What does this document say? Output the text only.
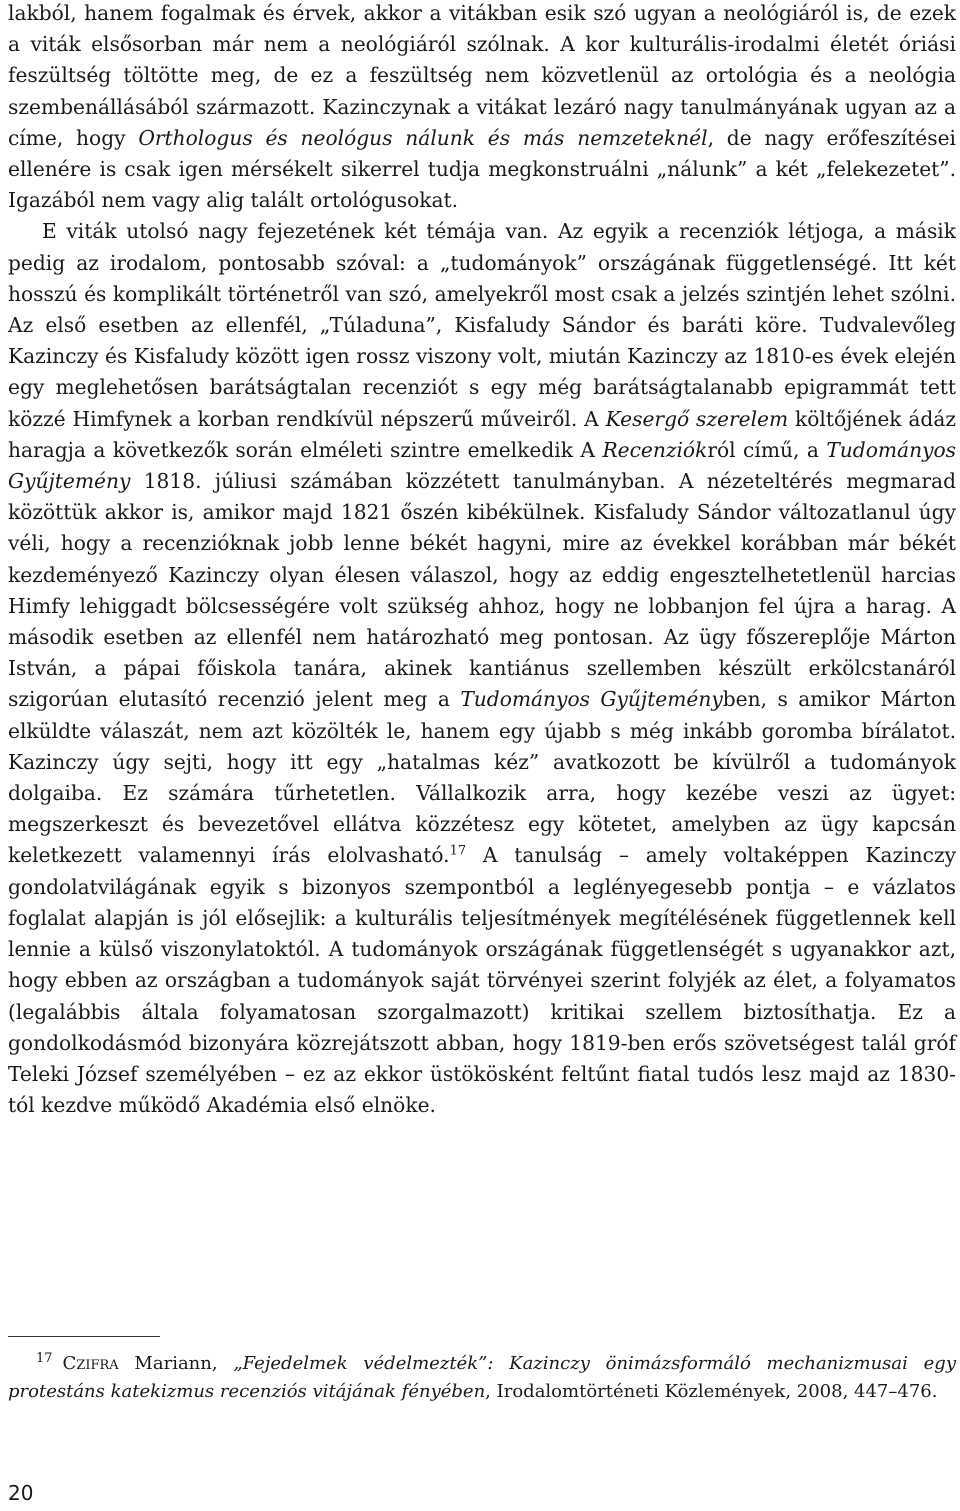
lakból, hanem fogalmak és érvek, akkor a vitákban esik szó ugyan a neológiáról is, de ezek a viták elsősorban már nem a neológiáról szólnak. A kor kulturális-irodalmi életét óriási feszültség töltötte meg, de ez a feszültség nem közvetlenül az ortológia és a neológia szembenállásából származott. Kazinczynak a vitákat lezáró nagy tanulmányának ugyan az a címe, hogy Orthologus és neológus nálunk és más nemzeteknél, de nagy erőfeszítései ellenére is csak igen mérsékelt sikerrel tudja megkonstruálni „nálunk” a két „felekezetet”. Igazából nem vagy alig talált ortológusokat.

E viták utolsó nagy fejezetének két témája van. Az egyik a recenziók létjoga, a másik pedig az irodalom, pontosabb szóval: a „tudományok” országának függetlenségé. Itt két hosszú és komplikált történetről van szó, amelyekről most csak a jelzés szintjén lehet szólni. Az első esetben az ellenfél, „Túladuna”, Kisfaludy Sándor és baráti köre. Tudvalevőleg Kazinczy és Kisfaludy között igen rossz viszony volt, miután Kazinczy az 1810-es évek elején egy meglehetősen barátságtalan recenziót s egy még barátságtalanabb epigrammát tett közzé Himfynek a korban rendkívül népszerű műveiről. A Kesergő szerelem költőjének ádáz haragja a következők során elméleti szintre emelkedik A Recenziókról című, a Tudományos Gyűjtemény 1818. júliusi számában közzétett tanulmányban. A nézeteltérés megmarad közöttük akkor is, amikor majd 1821 őszén kibékülnek. Kisfaludy Sándor változatlanul úgy véli, hogy a recenzióknak jobb lenne békét hagyni, mire az évekkel korábban már békét kezdeményező Kazinczy olyan élesen válaszol, hogy az eddig engesztelhetetlenül harcias Himfy lehiggadt bölcsességére volt szükség ahhoz, hogy ne lobbanjon fel újra a harag. A második esetben az ellenfél nem határozható meg pontosan. Az ügy főszereplője Márton István, a pápai főiskola tanára, akinek kantiánus szellemben készült erkölcstanáról szigorúan elutasító recenzió jelent meg a Tudományos Gyűjteményben, s amikor Márton elküldte válaszát, nem azt közölték le, hanem egy újabb s még inkább goromba bírálatot. Kazinczy úgy sejti, hogy itt egy „hatalmas kéz” avatkozott be kívülről a tudományok dolgaiba. Ez számára tűrhetetlen. Vállalkozik arra, hogy kezébe veszi az ügyet: megszerkeszt és bevezetővel ellátva közzétesz egy kötetet, amelyben az ügy kapcsán keletkezett valamennyi írás elolvasható.$^{17}$ A tanulság – amely voltaképpen Kazinczy gondolatvilágának egyik s bizonyos szempontból a leglényegesebb pontja – e vázlatos foglalat alapján is jól elősejlik: a kulturális teljesítmények megítélésének függetlennek kell lennie a külső viszonylatoktól. A tudományok országának függetlenségét s ugyanakkor azt, hogy ebben az országban a tudományok saját törvényei szerint folyjék az élet, a folyamatos (legalábbis általa folyamatosan szorgalmazott) kritikai szellem biztosíthatja. Ez a gondolkodásmód bizonyára közrejátszott abban, hogy 1819-ben erős szövetségest talál gróf Teleki József személyében – ez az ekkor üstökösként feltűnt fiatal tudós lesz majd az 1830-tól kezdve működő Akadémia első elnöke.

$^{17}$ Czifra Mariann, „Fejedelmek védelmezték”: Kazinczy önimázsformáló mechanizmusai egy protestáns katekizmus recenziós vitájának fényében, Irodalomtörténeti Közlemények, 2008, 447–476.
20
